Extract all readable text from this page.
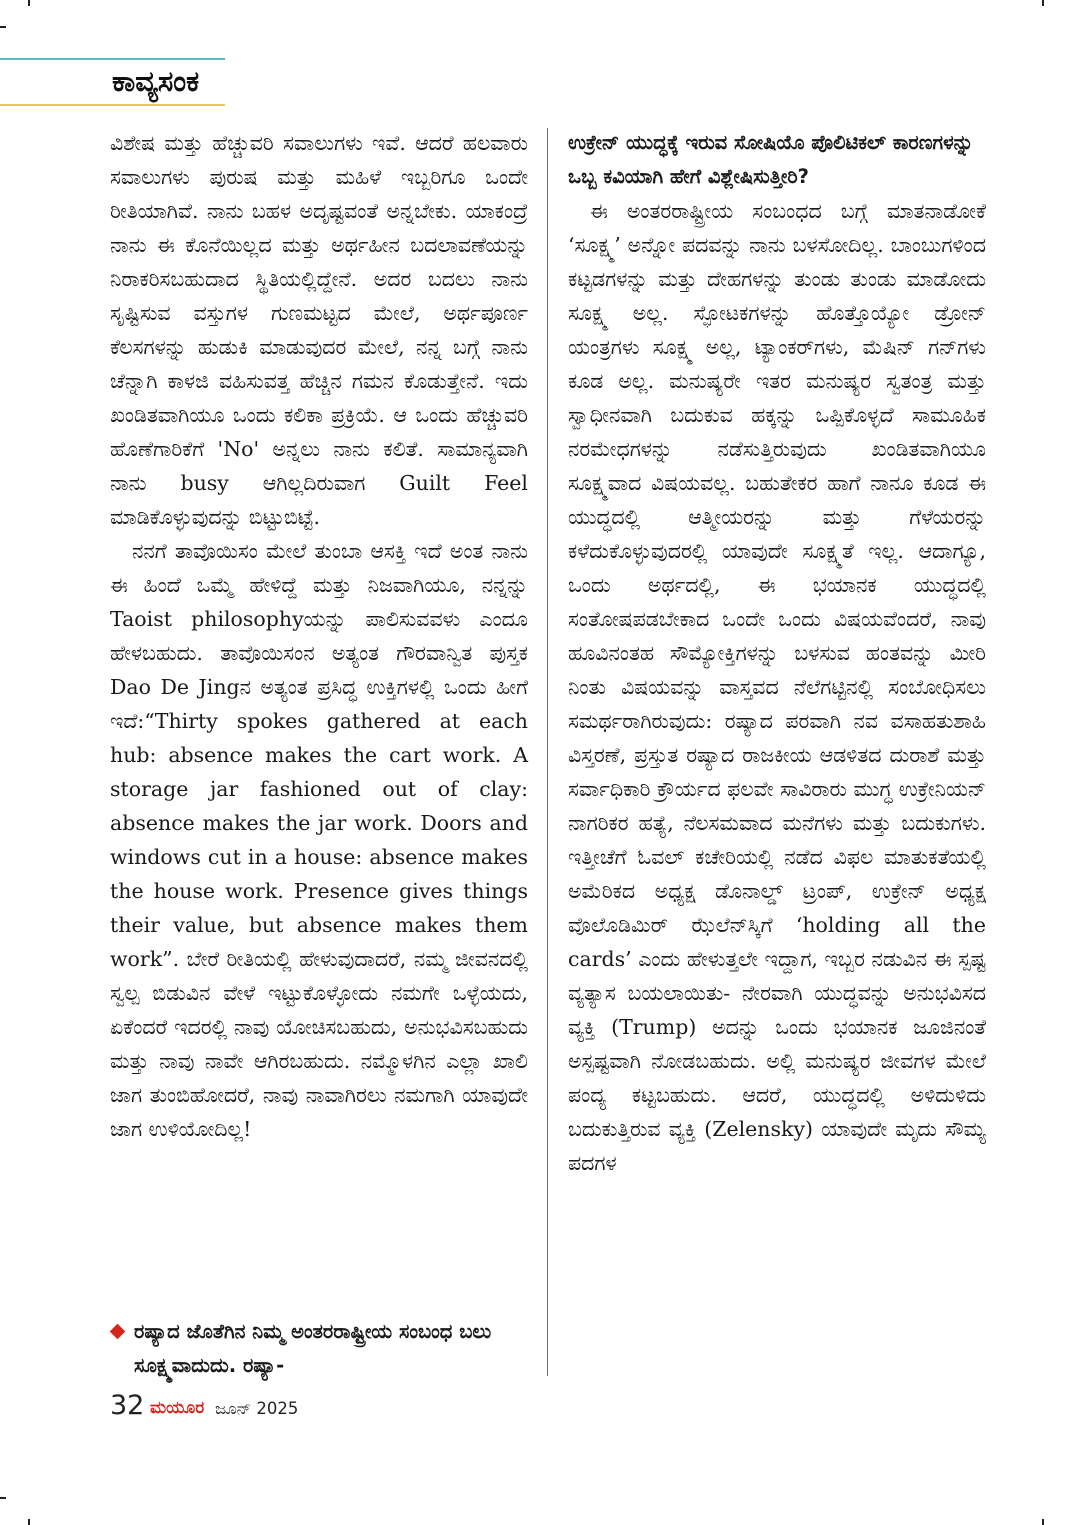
ಕಾವ್ಯಸಂಕ

ವಿಶೇಷ ಮತ್ತು ಹೆಚ್ಚುವರಿ ಸವಾಲುಗಳು ಇವೆ. ಆದರೆ ಹಲವಾರು ಸವಾಲುಗಳು ಪುರುಷ ಮತ್ತು ಮಹಿಳೆ ಇಬ್ಬರಿಗೂ ಒಂದೇ ರೀತಿಯಾಗಿವೆ. ನಾನು ಬಹಳ ಅದೃಷ್ಟವಂತೆ ಅನ್ನಬೇಕು. ಯಾಕಂದ್ರೆ ನಾನು ಈ ಕೊನೆಯಿಲ್ಲದ ಮತ್ತು ಅರ್ಥಹೀನ ಬದಲಾವಣೆಯನ್ನು ನಿರಾಕರಿಸಬಹುದಾದ ಸ್ಥಿತಿಯಲ್ಲಿದ್ದೇನೆ. ಅದರ ಬದಲು ನಾನು ಸೃಷ್ಟಿಸುವ ವಸ್ತುಗಳ ಗುಣಮಟ್ಟದ ಮೇಲೆ, ಅರ್ಥಪೂರ್ಣ ಕೆಲಸಗಳನ್ನು ಹುಡುಕಿ ಮಾಡುವುದರ ಮೇಲೆ, ನನ್ನ ಬಗ್ಗೆ ನಾನು ಚೆನ್ನಾಗಿ ಕಾಳಜಿ ವಹಿಸುವತ್ತ ಹೆಚ್ಚಿನ ಗಮನ ಕೊಡುತ್ತೇನೆ. ಇದು ಖಂಡಿತವಾಗಿಯೂ ಒಂದು ಕಲಿಕಾ ಪ್ರಕ್ರಿಯೆ. ಆ ಒಂದು ಹೆಚ್ಚುವರಿ ಹೊಣೆಗಾರಿಕೆಗೆ 'No' ಅನ್ನಲು ನಾನು ಕಲಿತೆ. ಸಾಮಾನ್ಯವಾಗಿ ನಾನು busy ಆಗಿಲ್ಲದಿರುವಾಗ Guilt Feel ಮಾಡಿಕೊಳ್ಳುವುದನ್ನು ಬಿಟ್ಟುಬಿಟ್ಟೆ.

ನನಗೆ ತಾವೊಯಿಸಂ ಮೇಲೆ ತುಂಬಾ ಆಸಕ್ತಿ ಇದೆ ಅಂತ ನಾನು ಈ ಹಿಂದೆ ಒಮ್ಮೆ ಹೇಳಿದ್ದೆ ಮತ್ತು ನಿಜವಾಗಿಯೂ, ನನ್ನನ್ನು Taoist philosophyಯನ್ನು ಪಾಲಿಸುವವಳು ಎಂದೂ ಹೇಳಬಹುದು. ತಾವೊಯಿಸಂನ ಅತ್ಯಂತ ಗೌರವಾನ್ವಿತ ಪುಸ್ತಕ Dao De Jingನ ಅತ್ಯಂತ ಪ್ರಸಿದ್ಧ ಉಕ್ತಿಗಳಲ್ಲಿ ಒಂದು ಹೀಗೆ ಇದೆ:“Thirty spokes gathered at each hub: absence makes the cart work. A storage jar fashioned out of clay: absence makes the jar work. Doors and windows cut in a house: absence makes the house work. Presence gives things their value, but absence makes them work”. ಬೇರೆ ರೀತಿಯಲ್ಲಿ ಹೇಳುವುದಾದರೆ, ನಮ್ಮ ಜೀವನದಲ್ಲಿ ಸ್ವಲ್ಪ ಬಿಡುವಿನ ವೇಳೆ ಇಟ್ಟುಕೊಳ್ಳೋದು ನಮಗೇ ಒಳ್ಳೆಯದು, ಏಕೆಂದರೆ ಇದರಲ್ಲಿ ನಾವು ಯೋಚಿಸಬಹುದು, ಅನುಭವಿಸಬಹುದು ಮತ್ತು ನಾವು ನಾವೇ ಆಗಿರಬಹುದು. ನಮ್ಮೊಳಗಿನ ಎಲ್ಲಾ ಖಾಲಿ ಜಾಗ ತುಂಬಿಹೋದರೆ, ನಾವು ನಾವಾಗಿರಲು ನಮಗಾಗಿ ಯಾವುದೇ ಜಾಗ ಉಳಿಯೋದಿಲ್ಲ!

ರಷ್ಯಾದ ಜೊತೆಗಿನ ನಿಮ್ಮ ಅಂತರರಾಷ್ಟ್ರೀಯ ಸಂಬಂಧ ಬಲು ಸೂಕ್ಷ್ಮವಾದುದು. ರಷ್ಯಾ-

ಉಕ್ರೇನ್ ಯುದ್ಧಕ್ಕೆ ಇರುವ ಸೋಷಿಯೊ ಪೊಲಿಟಿಕಲ್ ಕಾರಣಗಳನ್ನು ಒಬ್ಬ ಕವಿಯಾಗಿ ಹೇಗೆ ವಿಶ್ಲೇಷಿಸುತ್ತೀರಿ?

ಈ ಅಂತರರಾಷ್ಟ್ರೀಯ ಸಂಬಂಧದ ಬಗ್ಗೆ ಮಾತನಾಡೋಕೆ ‘ಸೂಕ್ಷ್ಮ’ ಅನ್ನೋ ಪದವನ್ನು ನಾನು ಬಳಸೋದಿಲ್ಲ. ಬಾಂಬುಗಳಿಂದ ಕಟ್ಟಡಗಳನ್ನು ಮತ್ತು ದೇಹಗಳನ್ನು ತುಂಡು ತುಂಡು ಮಾಡೋದು ಸೂಕ್ಷ್ಮ ಅಲ್ಲ. ಸ್ಫೋಟಕಗಳನ್ನು ಹೊತ್ತೊಯ್ಯೋ ಡ್ರೋನ್ ಯಂತ್ರಗಳು ಸೂಕ್ಷ್ಮ ಅಲ್ಲ, ಟ್ಯಾಂಕರ್‌ಗಳು, ಮೆಷಿನ್ ಗನ್‌ಗಳು ಕೂಡ ಅಲ್ಲ. ಮನುಷ್ಯರೇ ಇತರ ಮನುಷ್ಯರ ಸ್ವತಂತ್ರ ಮತ್ತು ಸ್ವಾಧೀನವಾಗಿ ಬದುಕುವ ಹಕ್ಕನ್ನು ಒಪ್ಪಿಕೊಳ್ಳದೆ ಸಾಮೂಹಿಕ ನರಮೇಧಗಳನ್ನು ನಡೆಸುತ್ತಿರುವುದು ಖಂಡಿತವಾಗಿಯೂ ಸೂಕ್ಷ್ಮವಾದ ವಿಷಯವಲ್ಲ. ಬಹುತೇಕರ ಹಾಗೆ ನಾನೂ ಕೂಡ ಈ ಯುದ್ಧದಲ್ಲಿ ಆತ್ಮೀಯರನ್ನು ಮತ್ತು ಗೆಳೆಯರನ್ನು ಕಳೆದುಕೊಳ್ಳುವುದರಲ್ಲಿ ಯಾವುದೇ ಸೂಕ್ಷ್ಮತೆ ಇಲ್ಲ. ಆದಾಗ್ಯೂ, ಒಂದು ಅರ್ಥದಲ್ಲಿ, ಈ ಭಯಾನಕ ಯುದ್ಧದಲ್ಲಿ ಸಂತೋಷಪಡಬೇಕಾದ ಒಂದೇ ಒಂದು ವಿಷಯವೆಂದರೆ, ನಾವು ಹೂವಿನಂತಹ ಸೌಮ್ಯೋಕ್ತಿಗಳನ್ನು ಬಳಸುವ ಹಂತವನ್ನು ಮೀರಿ ನಿಂತು ವಿಷಯವನ್ನು ವಾಸ್ತವದ ನೆಲೆಗಟ್ಟಿನಲ್ಲಿ ಸಂಬೋಧಿಸಲು ಸಮರ್ಥರಾಗಿರುವುದು: ರಷ್ಯಾದ ಪರವಾಗಿ ನವ ವಸಾಹತುಶಾಹಿ ವಿಸ್ತರಣೆ, ಪ್ರಸ್ತುತ ರಷ್ಯಾದ ರಾಜಕೀಯ ಆಡಳಿತದ ದುರಾಶೆ ಮತ್ತು ಸರ್ವಾಧಿಕಾರಿ ಕ್ರೌರ್ಯದ ಫಲವೇ ಸಾವಿರಾರು ಮುಗ್ಧ ಉಕ್ರೇನಿಯನ್ ನಾಗರಿಕರ ಹತ್ಯೆ, ನೆಲಸಮವಾದ ಮನೆಗಳು ಮತ್ತು ಬದುಕುಗಳು. ಇತ್ತೀಚೆಗೆ ಓವಲ್ ಕಚೇರಿಯಲ್ಲಿ ನಡೆದ ವಿಫಲ ಮಾತುಕತೆಯಲ್ಲಿ ಅಮೆರಿಕದ ಅಧ್ಯಕ್ಷ ಡೊನಾಲ್ಡ್ ಟ್ರಂಪ್, ಉಕ್ರೇನ್ ಅಧ್ಯಕ್ಷ ವೊಲೊಡಿಮಿರ್ ಝೆಲೆನ್‌ಸ್ಕಿಗೆ ‘holding all the cards’ ಎಂದು ಹೇಳುತ್ತಲೇ ಇದ್ದಾಗ, ಇಬ್ಬರ ನಡುವಿನ ಈ ಸ್ಪಷ್ಟ ವ್ಯತ್ಯಾಸ ಬಯಲಾಯಿತು- ನೇರವಾಗಿ ಯುದ್ಧವನ್ನು ಅನುಭವಿಸದ ವ್ಯಕ್ತಿ (Trump) ಅದನ್ನು ಒಂದು ಭಯಾನಕ ಜೂಜಿನಂತೆ ಅಸ್ಪಷ್ಟವಾಗಿ ನೋಡಬಹುದು. ಅಲ್ಲಿ ಮನುಷ್ಯರ ಜೀವಗಳ ಮೇಲೆ ಪಂದ್ಯ ಕಟ್ಟಬಹುದು. ಆದರೆ, ಯುದ್ಧದಲ್ಲಿ ಅಳಿದುಳಿದು ಬದುಕುತ್ತಿರುವ ವ್ಯಕ್ತಿ (Zelensky) ಯಾವುದೇ ಮೃದು ಸೌಮ್ಯ ಪದಗಳ

32 ಮಯೂರ ಜೂನ್ 2025
